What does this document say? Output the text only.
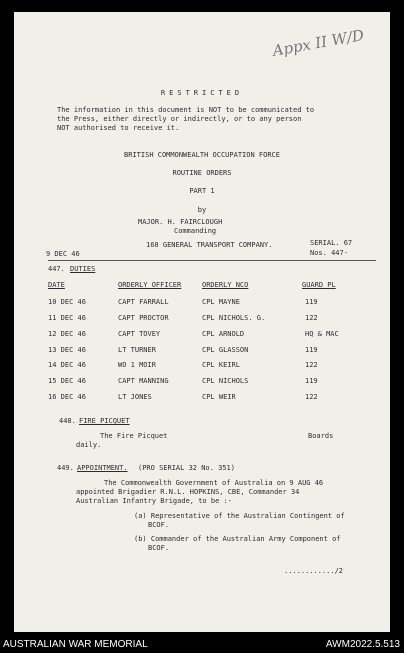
Appx II W/D
RESTRICTED
The information in this document is NOT to be communicated to
the Press, either directly or indirectly, or to any person
NOT authorised to receive it.
BRITISH COMMONWEALTH OCCUPATION FORCE
ROUTINE ORDERS
PART 1
by
MAJOR. H. FAIRCLOUGH
Commanding
168 GENERAL TRANSPORT COMPANY.
9 DEC 46
SERIAL. 67
Nos. 447-
447. DUTIES
DATE	ORDERLY OFFICER	ORDERLY NCO	GUARD PL
10 DEC 46	CAPT FARRALL	CPL MAYNE	119
11 DEC 46	CAPT PROCTOR	CPL NICHOLS. G.	122
12 DEC 46	CAPT TOVEY	CPL ARNOLD	HQ & MAC
13 DEC 46	LT TURNER	CPL GLASSON	119
14 DEC 46	WO 1 MOIR	CPL KEIRL	122
15 DEC 46	CAPT MANNING	CPL NICHOLS	119
16 DEC 46	LT JONES	CPL WEIR	122
448. FIRE PICQUET
The Fire Picquet	Boards
daily.
449. APPOINTMENT. (PRO SERIAL 32 No. 351)
The Commonwealth Government of Australia on 9 AUG 46
appointed Brigadier R.N.L. HOPKINS, CBE, Commander 34
Australian Infantry Brigade, to be :-
(a) Representative of the Australian Contingent of
BCOF.
(b) Commander of the Australian Army Component of
BCOF.
............/2
AUSTRALIAN WAR MEMORIAL	AWM2022.5.513
